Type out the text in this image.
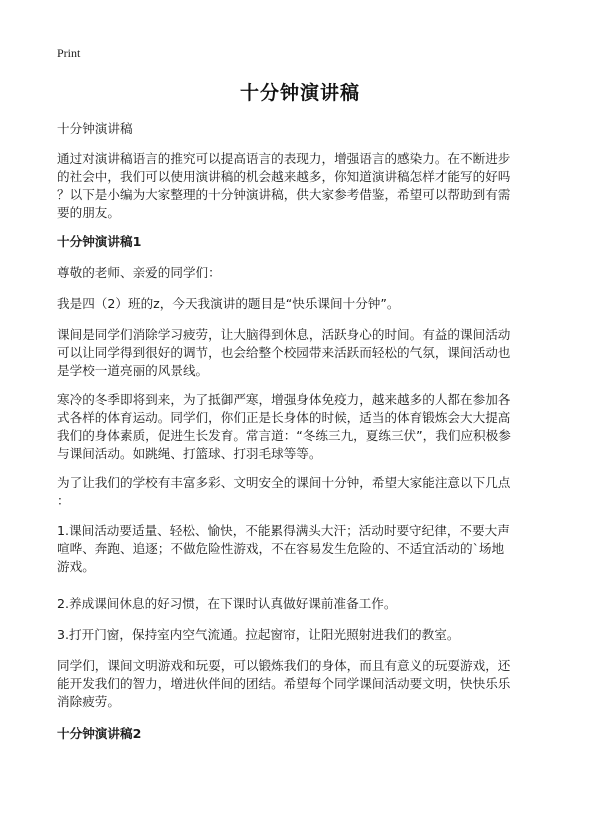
Print
十分钟演讲稿
十分钟演讲稿
通过对演讲稿语言的推究可以提高语言的表现力，增强语言的感染力。在不断进步
的社会中，我们可以使用演讲稿的机会越来越多，你知道演讲稿怎样才能写的好吗
？以下是小编为大家整理的十分钟演讲稿，供大家参考借鉴，希望可以帮助到有需
要的朋友。
十分钟演讲稿1
尊敬的老师、亲爱的同学们：
我是四（2）班的z，今天我演讲的题目是“快乐课间十分钟”。
课间是同学们消除学习疲劳，让大脑得到休息，活跃身心的时间。有益的课间活动
可以让同学得到很好的调节，也会给整个校园带来活跃而轻松的气氛，课间活动也
是学校一道亮丽的风景线。
寒冷的冬季即将到来，为了抵御严寒，增强身体免疫力，越来越多的人都在参加各
式各样的体育运动。同学们，你们正是长身体的时候，适当的体育锻炼会大大提高
我们的身体素质，促进生长发育。常言道：“冬练三九，夏练三伏”，我们应积极参
与课间活动。如跳绳、打篮球、打羽毛球等等。
为了让我们的学校有丰富多彩、文明安全的课间十分钟，希望大家能注意以下几点
：
1.课间活动要适量、轻松、愉快，不能累得满头大汗；活动时要守纪律，不要大声
喧哗、奔跑、追逐；不做危险性游戏，不在容易发生危险的、不适宜活动的`场地
游戏。
2.养成课间休息的好习惯，在下课时认真做好课前准备工作。
3.打开门窗，保持室内空气流通。拉起窗帘，让阳光照射进我们的教室。
同学们，课间文明游戏和玩耍，可以锻炼我们的身体，而且有意义的玩耍游戏，还
能开发我们的智力，增进伙伴间的团结。希望每个同学课间活动要文明，快快乐乐
消除疲劳。
十分钟演讲稿2
